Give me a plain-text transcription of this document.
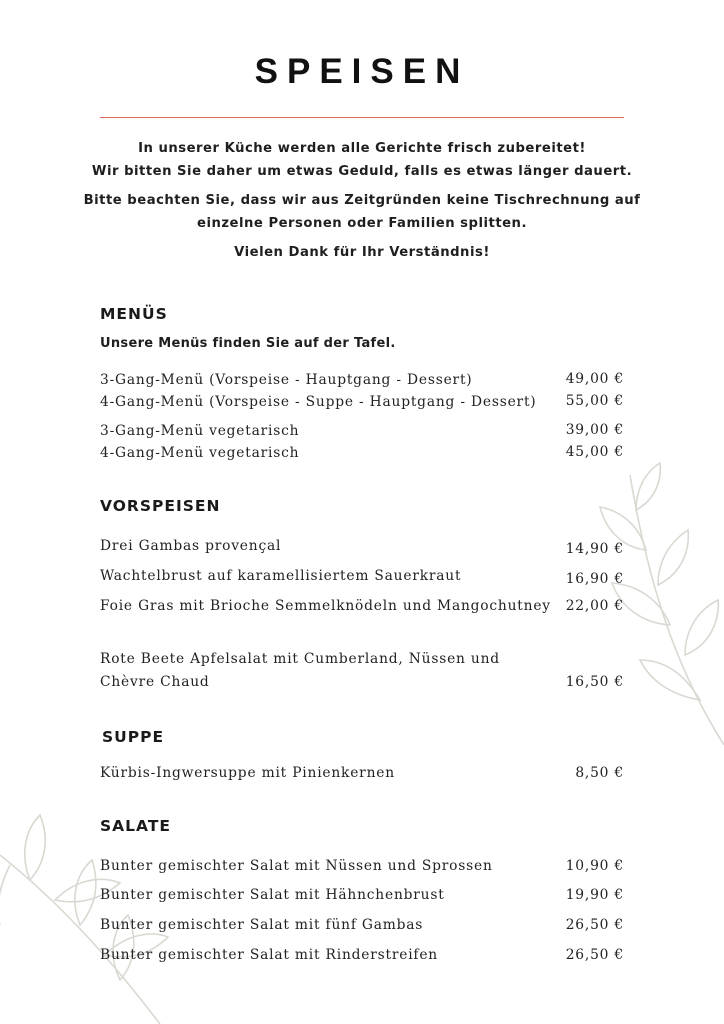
SPEISEN
In unserer Küche werden alle Gerichte frisch zubereitet!
Wir bitten Sie daher um etwas Geduld, falls es etwas länger dauert.
Bitte beachten Sie, dass wir aus Zeitgründen keine Tischrechnung auf
einzelne Personen oder Familien splitten.
Vielen Dank für Ihr Verständnis!
MENÜS
Unsere Menüs finden Sie auf der Tafel.
3-Gang-Menü (Vorspeise - Hauptgang - Dessert)	49,00 €
4-Gang-Menü (Vorspeise - Suppe - Hauptgang - Dessert)	55,00 €
3-Gang-Menü vegetarisch	39,00 €
4-Gang-Menü vegetarisch	45,00 €
VORSPEISEN
Drei Gambas provençal	14,90 €
Wachtelbrust auf karamellisiertem Sauerkraut	16,90 €
Foie Gras mit Brioche Semmelknödeln und Mangochutney	22,00 €
Rote Beete Apfelsalat mit Cumberland, Nüssen und Chèvre Chaud	16,50 €
SUPPE
Kürbis-Ingwersuppe mit Pinienkernen	8,50 €
SALATE
Bunter gemischter Salat mit Nüssen und Sprossen	10,90 €
Bunter gemischter Salat mit Hähnchenbrust	19,90 €
Bunter gemischter Salat mit fünf Gambas	26,50 €
Bunter gemischter Salat mit Rinderstreifen	26,50 €
